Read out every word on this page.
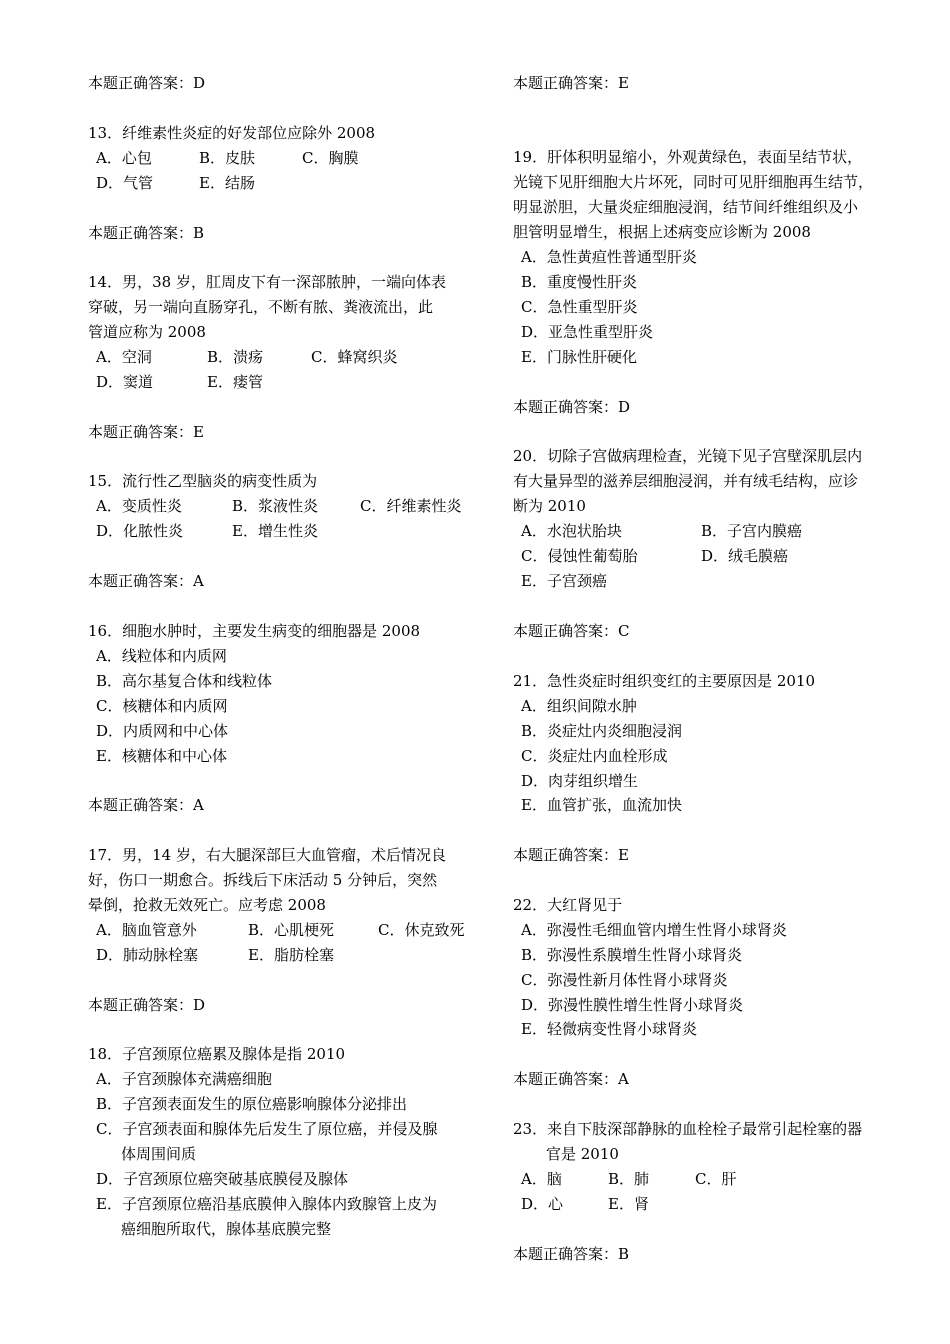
本题正确答案：D
13．纤维素性炎症的好发部位应除外 2008
A．心包	B．皮肤	C．胸膜
D．气管	E．结肠
本题正确答案：B
14．男，38 岁，肛周皮下有一深部脓肿，一端向体表
穿破，另一端向直肠穿孔，不断有脓、粪液流出，此
管道应称为 2008
A．空洞	B．溃疡	C．蜂窝织炎
D．窦道	E．瘘管
本题正确答案：E
15．流行性乙型脑炎的病变性质为
A．变质性炎	B．浆液性炎	C．纤维素性炎
D．化脓性炎	E．增生性炎
本题正确答案：A
16．细胞水肿时，主要发生病变的细胞器是 2008
A．线粒体和内质网
B．高尔基复合体和线粒体
C．核糖体和内质网
D．内质网和中心体
E．核糖体和中心体
本题正确答案：A
17．男，14 岁，右大腿深部巨大血管瘤，术后情况良
好，伤口一期愈合。拆线后下床活动 5 分钟后，突然
晕倒，抢救无效死亡。应考虑 2008
A．脑血管意外	B．心肌梗死	C．休克致死
D．肺动脉栓塞	E．脂肪栓塞
本题正确答案：D
18．子宫颈原位癌累及腺体是指 2010
A．子宫颈腺体充满癌细胞
B．子宫颈表面发生的原位癌影响腺体分泌排出
C．子宫颈表面和腺体先后发生了原位癌，并侵及腺
体周围间质
D．子宫颈原位癌突破基底膜侵及腺体
E．子宫颈原位癌沿基底膜伸入腺体内致腺管上皮为
癌细胞所取代，腺体基底膜完整
本题正确答案：E
19．肝体积明显缩小，外观黄绿色，表面呈结节状，
光镜下见肝细胞大片坏死，同时可见肝细胞再生结节，
明显淤胆，大量炎症细胞浸润，结节间纤维组织及小
胆管明显增生，根据上述病变应诊断为 2008
A．急性黄疸性普通型肝炎
B．重度慢性肝炎
C．急性重型肝炎
D．亚急性重型肝炎
E．门脉性肝硬化
本题正确答案：D
20．切除子宫做病理检查，光镜下见子宫壁深肌层内
有大量异型的滋养层细胞浸润，并有绒毛结构，应诊
断为 2010
A．水泡状胎块	B．子宫内膜癌
C．侵蚀性葡萄胎	D．绒毛膜癌
E．子宫颈癌
本题正确答案：C
21．急性炎症时组织变红的主要原因是 2010
A．组织间隙水肿
B．炎症灶内炎细胞浸润
C．炎症灶内血栓形成
D．肉芽组织增生
E．血管扩张，血流加快
本题正确答案：E
22．大红肾见于
A．弥漫性毛细血管内增生性肾小球肾炎
B．弥漫性系膜增生性肾小球肾炎
C．弥漫性新月体性肾小球肾炎
D．弥漫性膜性增生性肾小球肾炎
E．轻微病变性肾小球肾炎
本题正确答案：A
23．来自下肢深部静脉的血栓栓子最常引起栓塞的器
官是 2010
A．脑	B．肺	C．肝
D．心	E．肾
本题正确答案：B
